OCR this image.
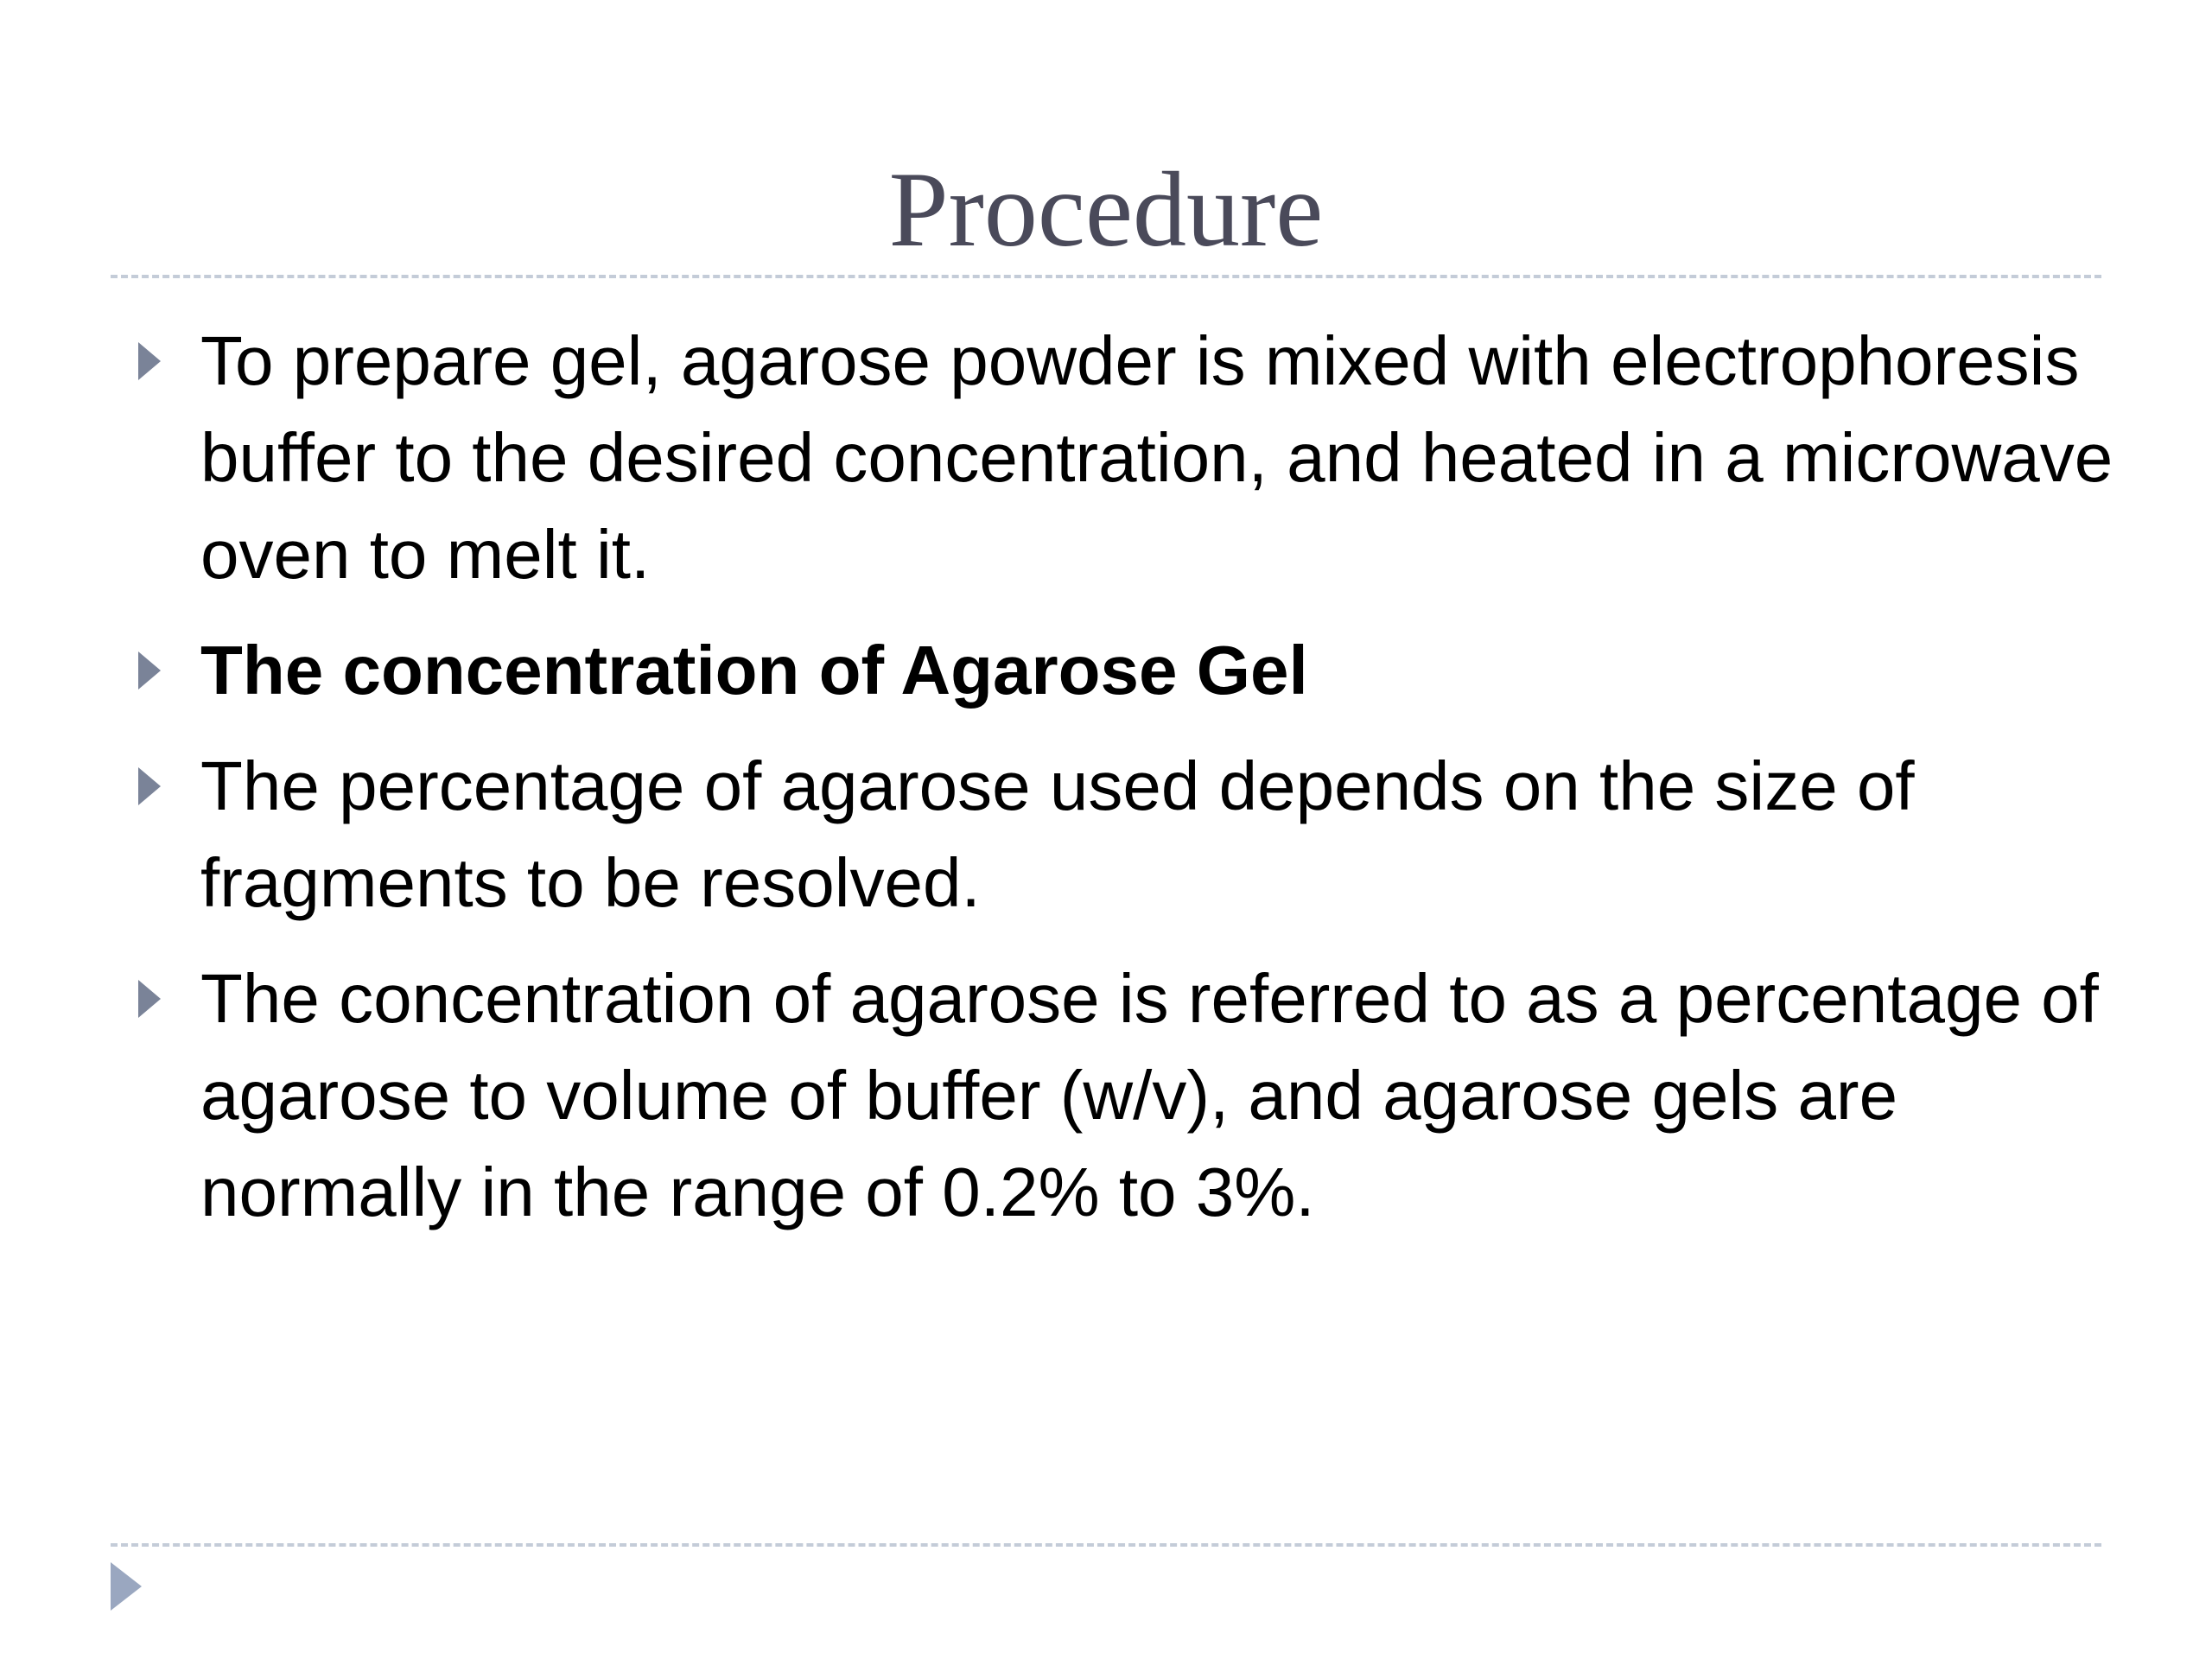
Procedure
To prepare gel, agarose powder is mixed with electrophoresis buffer to the desired concentration, and heated in a microwave oven to melt it.
The concentration of Agarose Gel
The percentage of agarose used depends on the size of fragments to be resolved.
The concentration of agarose is referred to as a percentage of agarose to volume of buffer (w/v), and agarose gels are normally in the range of 0.2% to 3%.
